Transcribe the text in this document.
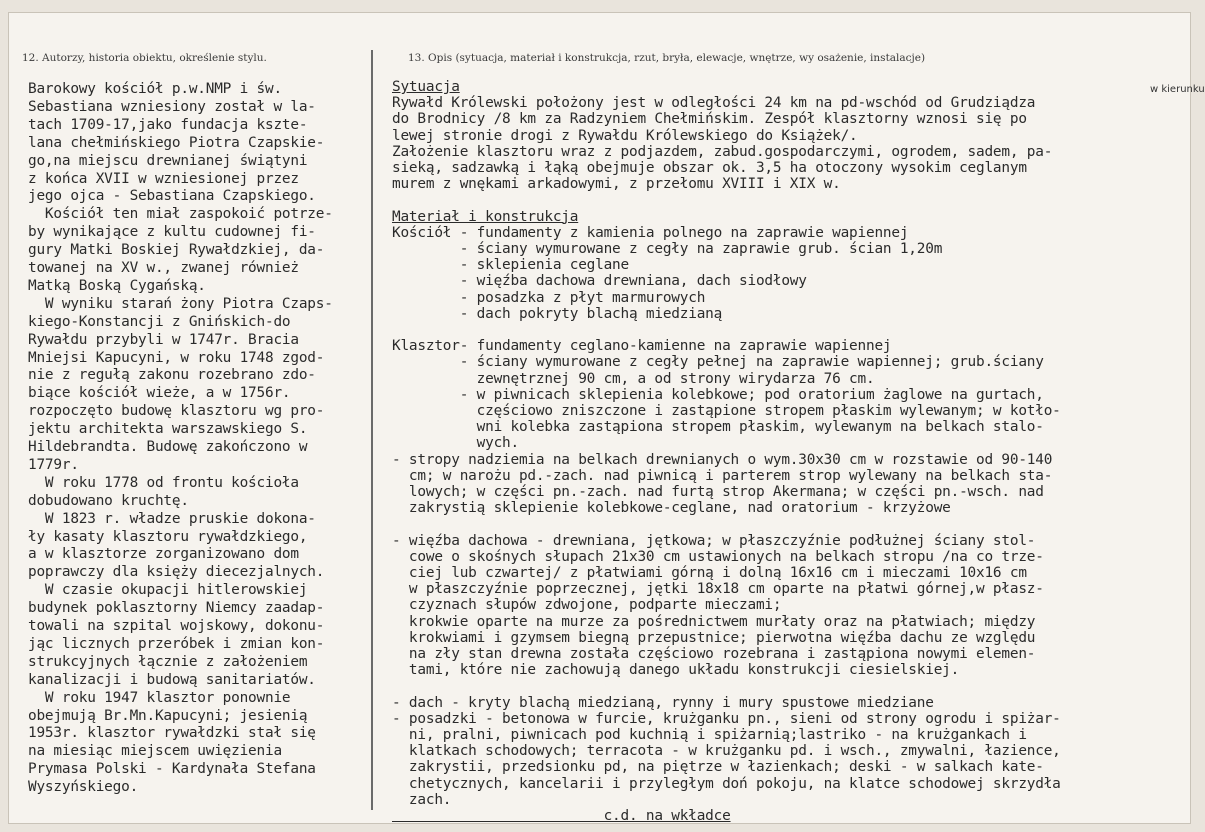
12. Autorzy, historia obiektu, określenie stylu.	13. Opis (sytuacja, materiał i konstrukcja, rzut, bryła, elewacje, wnętrze, wy osażenie, instalacje)
w kierunku
Barokowy kościół p.w.NMP i św.
Sebastiana wzniesiony został w la-
tach 1709-17,jako fundacja kszte-
lana chełmińskiego Piotra Czapskie-
go,na miejscu drewnianej świątyni
z końca XVII w wzniesionej przez
jego ojca - Sebastiana Czapskiego.
Kościół ten miał zaspokoić potrze-
by wynikające z kultu cudownej fi-
gury Matki Boskiej Rywałdzkiej, da-
towanej na XV w., zwanej również
Matką Boską Cygańską.
W wyniku starań żony Piotra Czaps-
kiego-Konstancji z Gnińskich-do
Rywałdu przybyli w 1747r. Bracia
Mniejsi Kapucyni, w roku 1748 zgod-
nie z regułą zakonu rozebrano zdo-
biące kościół wieże, a w 1756r.
rozpoczęto budowę klasztoru wg pro-
jektu architekta warszawskiego S.
Hildebrandta. Budowę zakończono w
1779r.
W roku 1778 od frontu kościoła
dobudowano kruchtę.
W 1823 r. władze pruskie dokona-
ły kasaty klasztoru rywałdzkiego,
a w klasztorze zorganizowano dom
poprawczy dla księży diecezjalnych.
W czasie okupacji hitlerowskiej
budynek poklasztorny Niemcy zaadap-
towali na szpital wojskowy, dokonu-
jąc licznych przeróbek i zmian kon-
strukcyjnych łącznie z założeniem
kanalizacji i budową sanitariatów.
W roku 1947 klasztor ponownie
obejmują Br.Mn.Kapucyni; jesienią
1953r. klasztor rywałdzki stał się
na miesiąc miejscem uwięzienia
Prymasa Polski - Kardynała Stefana
Wyszyńskiego.
Sytuacja
Rywałd Królewski położony jest w odległości 24 km na pd-wschód od Grudziądza
do Brodnicy /8 km za Radzyniem Chełmińskim. Zespół klasztorny wznosi się po
lewej stronie drogi z Rywałdu Królewskiego do Książek/.
Założenie klasztoru wraz z podjazdem, zabud.gospodarczymi, ogrodem, sadem, pa-
sieką, sadzawką i łąką obejmuje obszar ok. 3,5 ha otoczony wysokim ceglanym
murem z wnękami arkadowymi, z przełomu XVIII i XIX w.
Materiał i konstrukcja
Kościół - fundamenty z kamienia polnego na zaprawie wapiennej
- ściany wymurowane z cegły na zaprawie grub. ścian 1,20m
- sklepienia ceglane
- więźba dachowa drewniana, dach siodłowy
- posadzka z płyt marmurowych
- dach pokryty blachą miedzianą
Klasztor- fundamenty ceglano-kamienne na zaprawie wapiennej
- ściany wymurowane z cegły pełnej na zaprawie wapiennej; grub.ściany
zewnętrznej 90 cm, a od strony wirydarza 76 cm.
- w piwnicach sklepienia kolebkowe; pod oratorium żaglowe na gurtach,
częściowo zniszczone i zastąpione stropem płaskim wylewanym; w kotło-
wni kolebka zastąpiona stropem płaskim, wylewanym na belkach stalo-
wych.
- stropy nadziemia na belkach drewnianych o wym.30x30 cm w rozstawie od 90-140
cm; w narożu pd.-zach. nad piwnicą i parterem strop wylewany na belkach sta-
lowych; w części pn.-zach. nad furtą strop Akermana; w części pn.-wsch. nad
zakrystią sklepienie kolebkowe-ceglane, nad oratorium - krzyżowe
- więźba dachowa - drewniana, jętkowa; w płaszczyźnie podłużnej ściany stol-
cowe o skośnych słupach 21x30 cm ustawionych na belkach stropu /na co trze-
ciej lub czwartej/ z płatwiami górną i dolną 16x16 cm i mieczami 10x16 cm
w płaszczyźnie poprzecznej, jętki 18x18 cm oparte na płatwi górnej,w płasz-
czyznach słupów zdwojone, podparte mieczami;
krokwie oparte na murze za pośrednictwem murłaty oraz na płatwiach; między
krokwiami i gzymsem biegną przepustnice; pierwotna więźba dachu ze względu
na zły stan drewna została częściowo rozebrana i zastąpiona nowymi elemen-
tami, które nie zachowują danego układu konstrukcji ciesielskiej.
- dach - kryty blachą miedzianą, rynny i mury spustowe miedziane
- posadzki - betonowa w furcie, krużganku pn., sieni od strony ogrodu i spiżar-
ni, pralni, piwnicach pod kuchnią i spiżarnią;lastriko - na krużgankach i
klatkach schodowych; terracota - w krużganku pd. i wsch., zmywalni, łazience,
zakrystii, przedsionku pd, na piętrze w łazienkach; deski - w salkach kate-
chetycznych, kancelarii i przyległym doń pokoju, na klatce schodowej skrzydła
zach.
c.d. na wkładce
